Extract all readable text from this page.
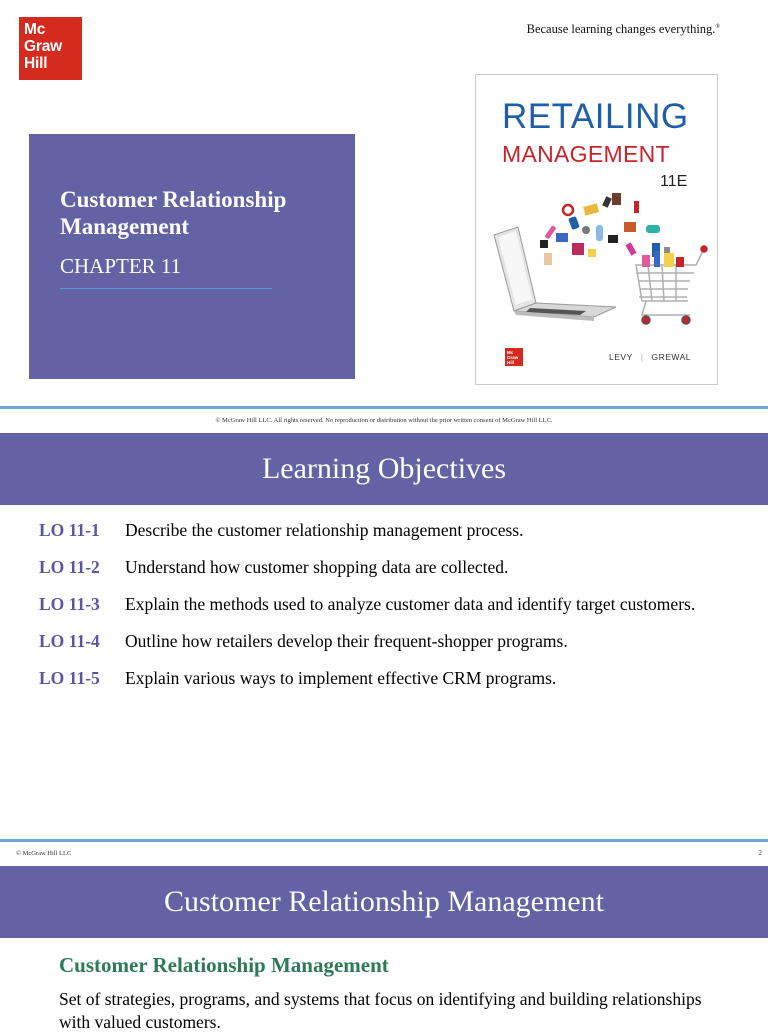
Mc
Graw
Hill
Because learning changes everything.®
Customer Relationship Management
CHAPTER 11
RETAILING
MANAGEMENT
11E
Mc
Graw
Hill
LEVY | GREWAL
© McGraw Hill LLC. All rights reserved. No reproduction or distribution without the prior written consent of McGraw Hill LLC.
Learning Objectives
LO 11-1	Describe the customer relationship management process.
LO 11-2	Understand how customer shopping data are collected.
LO 11-3	Explain the methods used to analyze customer data and identify target customers.
LO 11-4	Outline how retailers develop their frequent-shopper programs.
LO 11-5	Explain various ways to implement effective CRM programs.
© McGraw Hill LLC	2
Customer Relationship Management
Customer Relationship Management
Set of strategies, programs, and systems that focus on identifying and building relationships with valued customers.
